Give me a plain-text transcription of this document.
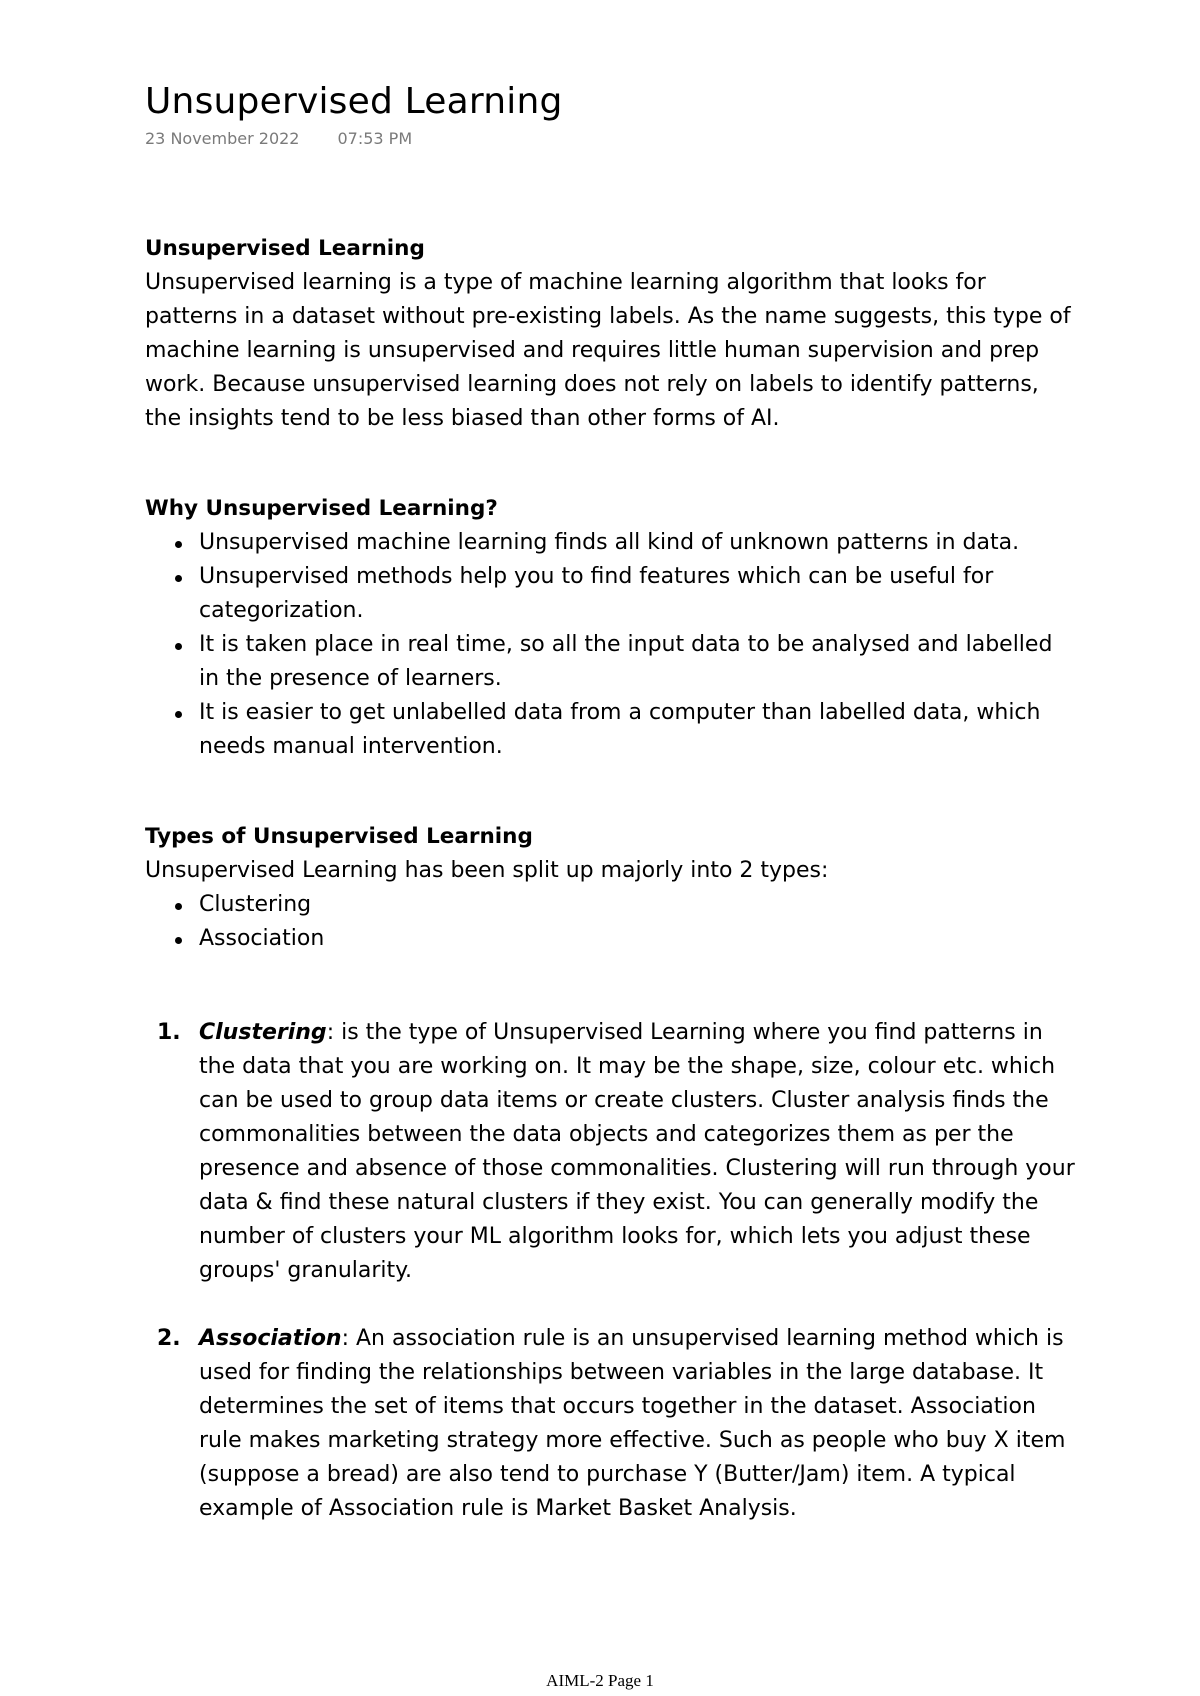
Unsupervised Learning
23 November 2022 07:53 PM
Unsupervised Learning

Unsupervised learning is a type of machine learning algorithm that looks for patterns in a dataset without pre-existing labels. As the name suggests, this type of machine learning is unsupervised and requires little human supervision and prep work. Because unsupervised learning does not rely on labels to identify patterns, the insights tend to be less biased than other forms of AI.

Why Unsupervised Learning?
Unsupervised machine learning finds all kind of unknown patterns in data.
Unsupervised methods help you to find features which can be useful for categorization.
It is taken place in real time, so all the input data to be analysed and labelled in the presence of learners.
It is easier to get unlabelled data from a computer than labelled data, which needs manual intervention.
Types of Unsupervised Learning

Unsupervised Learning has been split up majorly into 2 types:

Clustering
Association
1. Clustering: is the type of Unsupervised Learning where you find patterns in the data that you are working on. It may be the shape, size, colour etc. which can be used to group data items or create clusters. Cluster analysis finds the commonalities between the data objects and categorizes them as per the presence and absence of those commonalities. Clustering will run through your data & find these natural clusters if they exist. You can generally modify the number of clusters your ML algorithm looks for, which lets you adjust these groups' granularity.
2. Association: An association rule is an unsupervised learning method which is used for finding the relationships between variables in the large database. It determines the set of items that occurs together in the dataset. Association rule makes marketing strategy more effective. Such as people who buy X item (suppose a bread) are also tend to purchase Y (Butter/Jam) item. A typical example of Association rule is Market Basket Analysis.
AIML-2 Page 1
